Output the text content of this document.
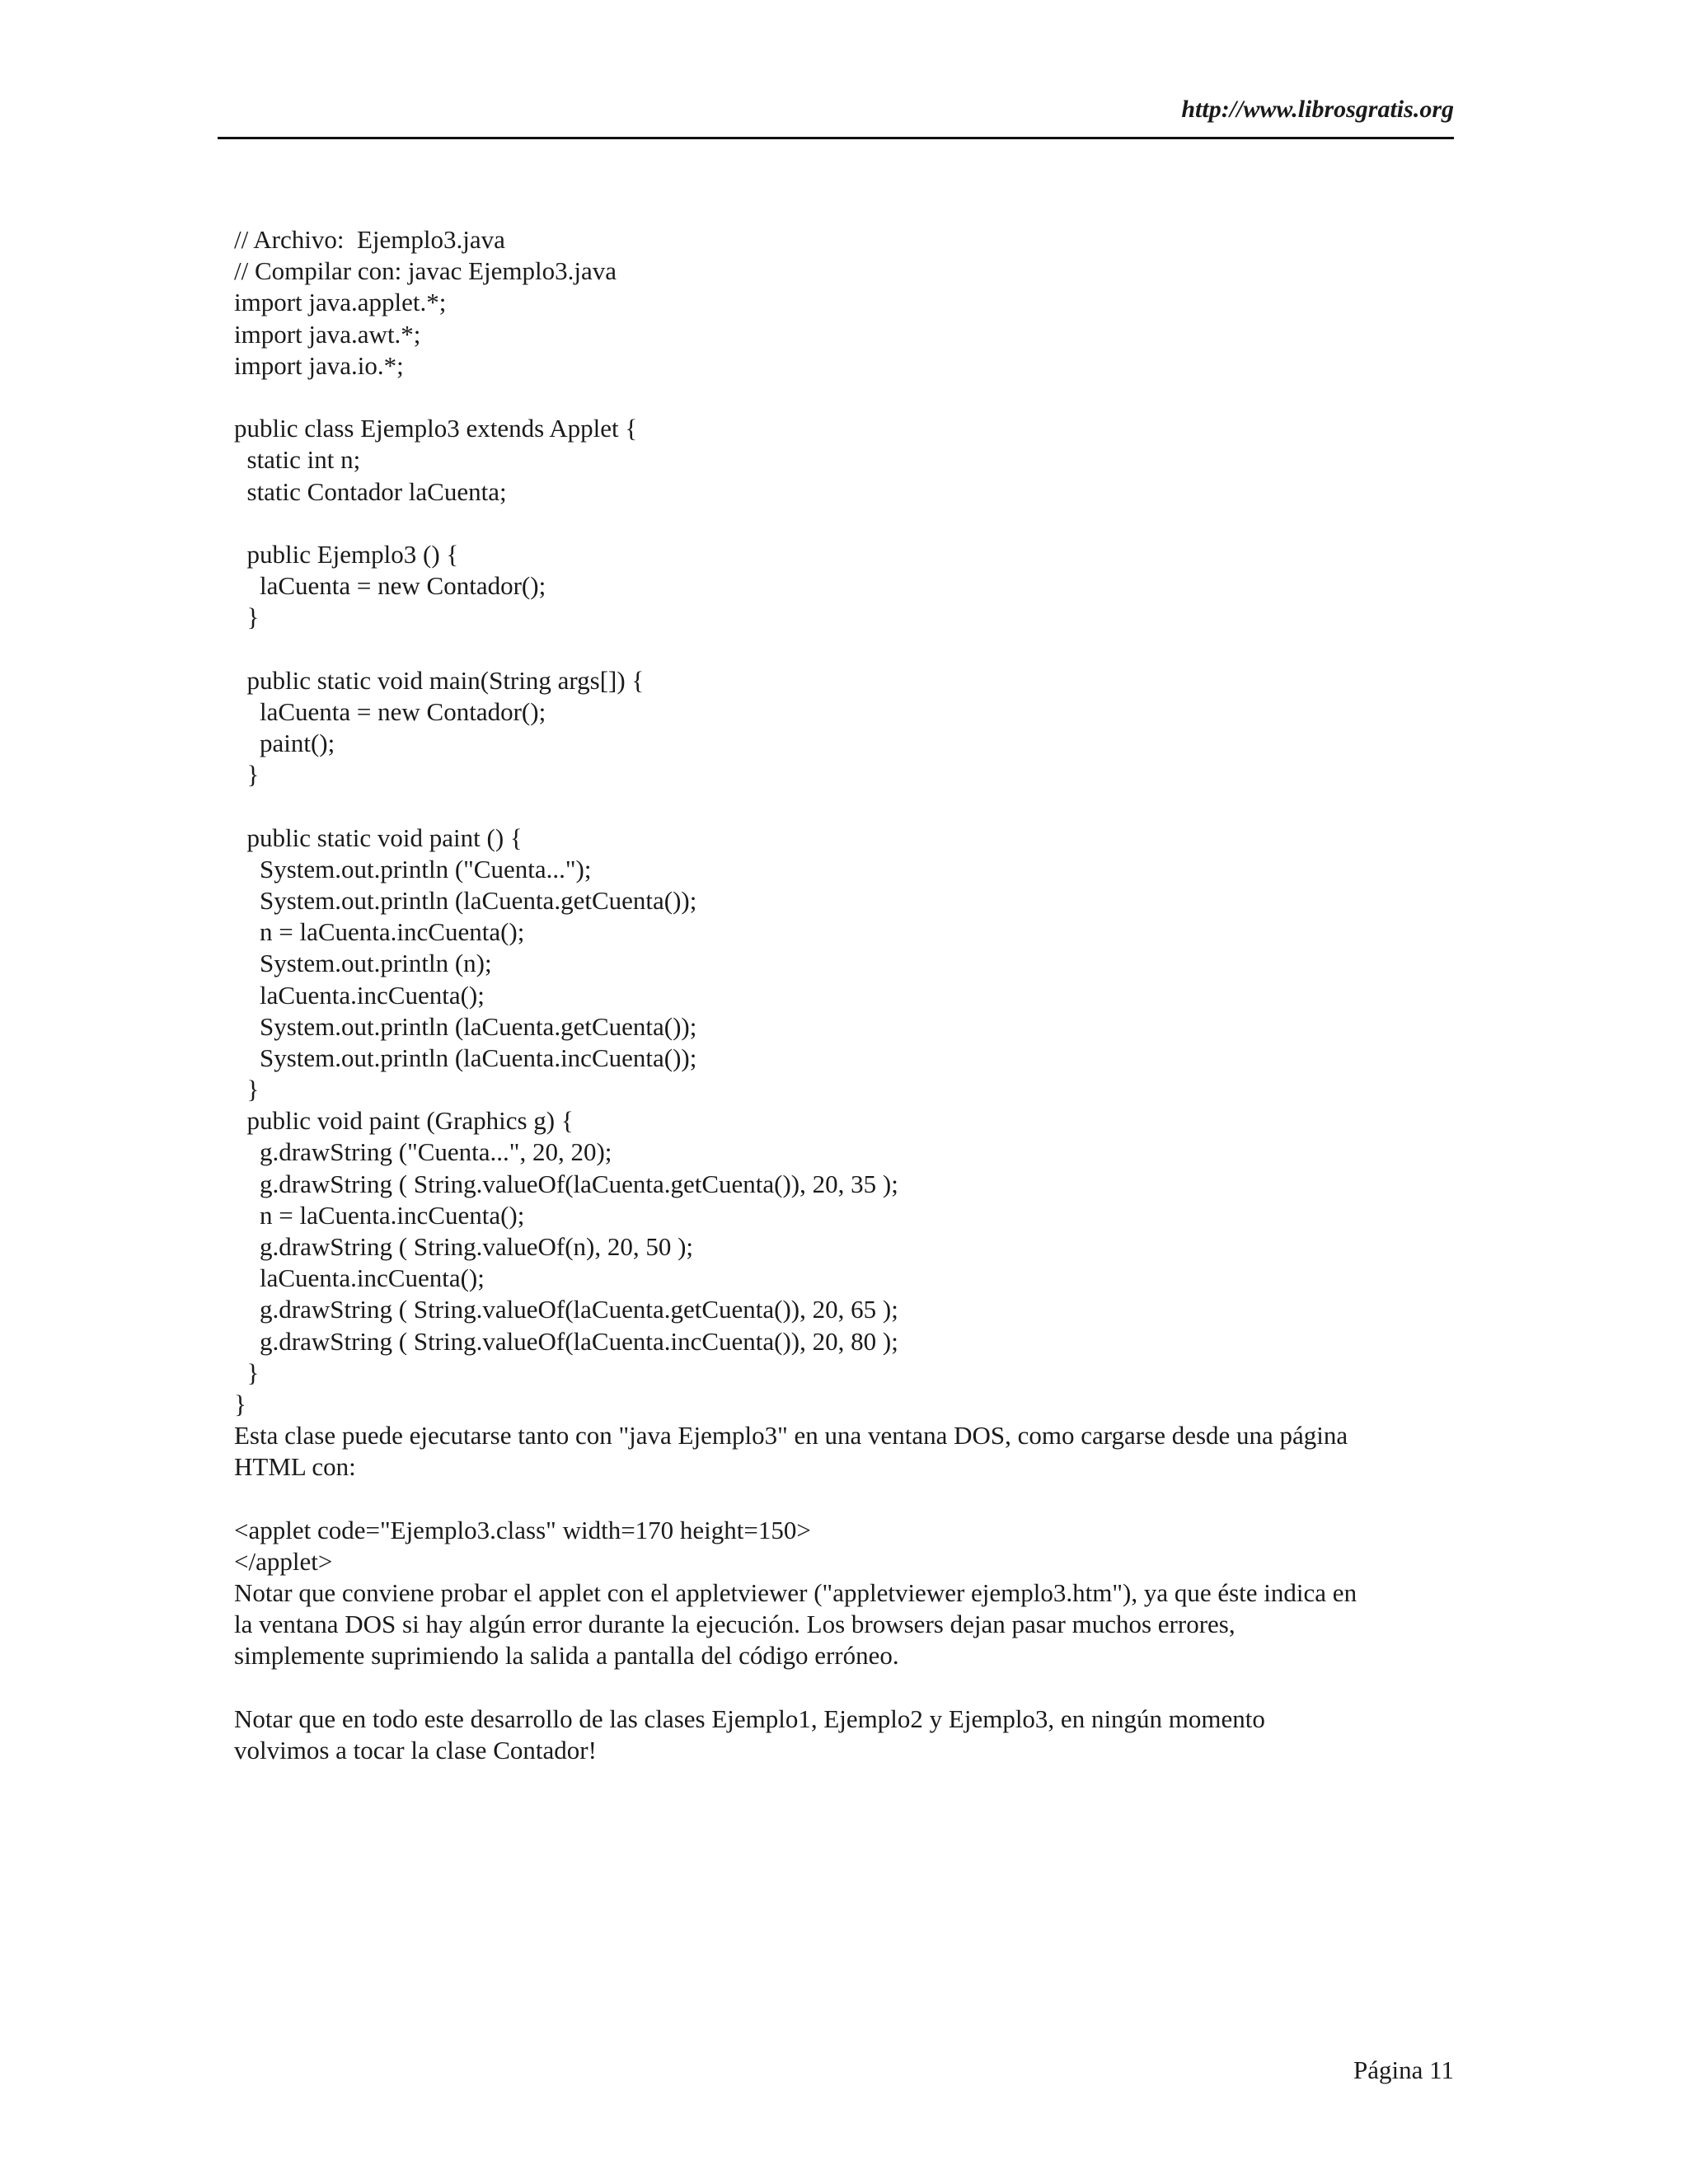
http://www.librosgratis.org
// Archivo:  Ejemplo3.java
// Compilar con: javac Ejemplo3.java
import java.applet.*;
import java.awt.*;
import java.io.*;
public class Ejemplo3 extends Applet {
static int n;
static Contador laCuenta;
public Ejemplo3 () {
laCuenta = new Contador();
}
public static void main(String args[]) {
laCuenta = new Contador();
paint();
}
public static void paint () {
System.out.println ("Cuenta...");
System.out.println (laCuenta.getCuenta());
n = laCuenta.incCuenta();
System.out.println (n);
laCuenta.incCuenta();
System.out.println (laCuenta.getCuenta());
System.out.println (laCuenta.incCuenta());
}
public void paint (Graphics g) {
g.drawString ("Cuenta...", 20, 20);
g.drawString ( String.valueOf(laCuenta.getCuenta()), 20, 35 );
n = laCuenta.incCuenta();
g.drawString ( String.valueOf(n), 20, 50 );
laCuenta.incCuenta();
g.drawString ( String.valueOf(laCuenta.getCuenta()), 20, 65 );
g.drawString ( String.valueOf(laCuenta.incCuenta()), 20, 80 );
}
}
Esta clase puede ejecutarse tanto con "java Ejemplo3" en una ventana DOS, como cargarse desde una página
HTML con:
<applet code="Ejemplo3.class" width=170 height=150>
</applet>
Notar que conviene probar el applet con el appletviewer ("appletviewer ejemplo3.htm"), ya que éste indica en
la ventana DOS si hay algún error durante la ejecución. Los browsers dejan pasar muchos errores,
simplemente suprimiendo la salida a pantalla del código erróneo.
Notar que en todo este desarrollo de las clases Ejemplo1, Ejemplo2 y Ejemplo3, en ningún momento
volvimos a tocar la clase Contador!
Página 11
